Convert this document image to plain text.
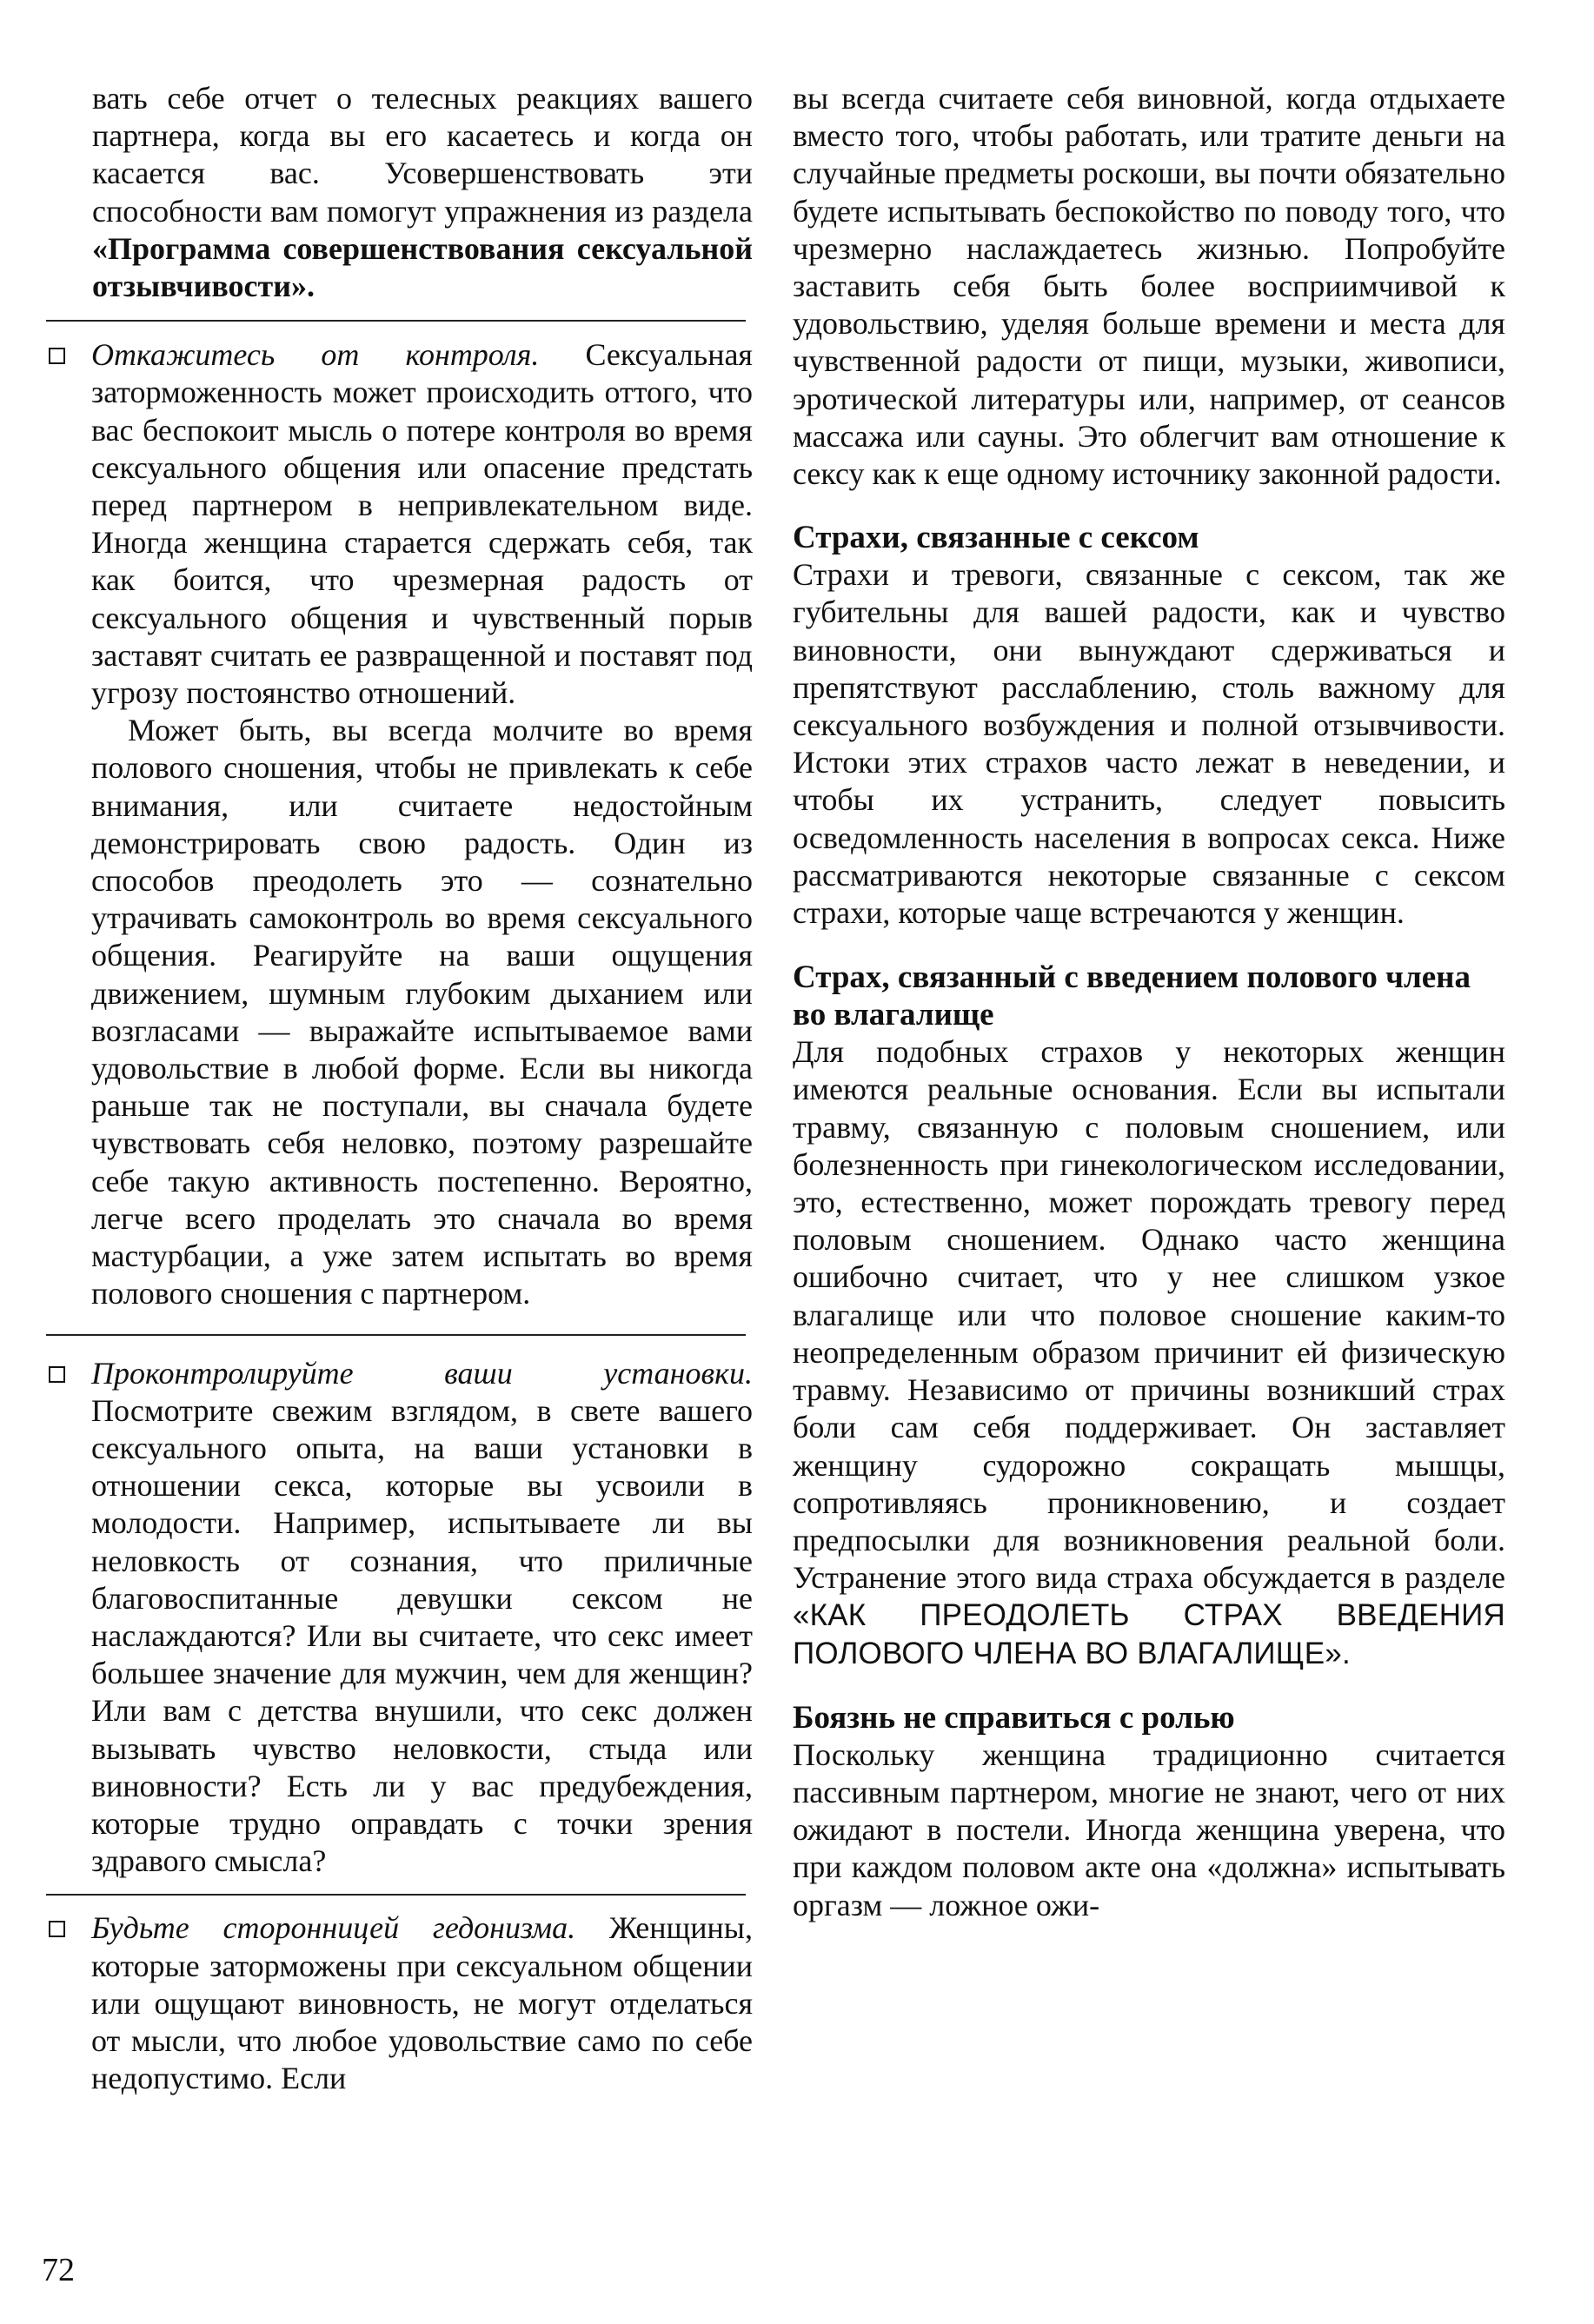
вать себе отчет о телесных реакциях вашего партнера, когда вы его касаетесь и когда он касается вас. Усовершенствовать эти способности вам помогут упражнения из раздела «Программа совершенствования сексуальной отзывчивости».

Откажитесь от контроля. Сексуальная заторможенность может происходить оттого, что вас беспокоит мысль о потере контроля во время сексуального общения или опасение предстать перед партнером в непривлекательном виде. Иногда женщина старается сдержать себя, так как боится, что чрезмерная радость от сексуального общения и чувственный порыв заставят считать ее развращенной и поставят под угрозу постоянство отношений.

Может быть, вы всегда молчите во время полового сношения, чтобы не привлекать к себе внимания, или считаете недостойным демонстрировать свою радость. Один из способов преодолеть это — сознательно утрачивать самоконтроль во время сексуального общения. Реагируйте на ваши ощущения движением, шумным глубоким дыханием или возгласами — выражайте испытываемое вами удовольствие в любой форме. Если вы никогда раньше так не поступали, вы сначала будете чувствовать себя неловко, поэтому разрешайте себе такую активность постепенно. Вероятно, легче всего проделать это сначала во время мастурбации, а уже затем испытать во время полового сношения с партнером.

Проконтролируйте ваши установки. Посмотрите свежим взглядом, в свете вашего сексуального опыта, на ваши установки в отношении секса, которые вы усвоили в молодости. Например, испытываете ли вы неловкость от сознания, что приличные благовоспитанные девушки сексом не наслаждаются? Или вы считаете, что секс имеет большее значение для мужчин, чем для женщин? Или вам с детства внушили, что секс должен вызывать чувство неловкости, стыда или виновности? Есть ли у вас предубеждения, которые трудно оправдать с точки зрения здравого смысла?

Будьте сторонницей гедонизма. Женщины, которые заторможены при сексуальном общении или ощущают виновность, не могут отделаться от мысли, что любое удовольствие само по себе недопустимо. Если

вы всегда считаете себя виновной, когда отдыхаете вместо того, чтобы работать, или тратите деньги на случайные предметы роскоши, вы почти обязательно будете испытывать беспокойство по поводу того, что чрезмерно наслаждаетесь жизнью. Попробуйте заставить себя быть более восприимчивой к удовольствию, уделяя больше времени и места для чувственной радости от пищи, музыки, живописи, эротической литературы или, например, от сеансов массажа или сауны. Это облегчит вам отношение к сексу как к еще одному источнику законной радости.

Страхи, связанные с сексом

Страхи и тревоги, связанные с сексом, так же губительны для вашей радости, как и чувство виновности, они вынуждают сдерживаться и препятствуют расслаблению, столь важному для сексуального возбуждения и полной отзывчивости. Истоки этих страхов часто лежат в неведении, и чтобы их устранить, следует повысить осведомленность населения в вопросах секса. Ниже рассматриваются некоторые связанные с сексом страхи, которые чаще встречаются у женщин.

Страх, связанный с введением полового члена во влагалище

Для подобных страхов у некоторых женщин имеются реальные основания. Если вы испытали травму, связанную с половым сношением, или болезненность при гинекологическом исследовании, это, естественно, может порождать тревогу перед половым сношением. Однако часто женщина ошибочно считает, что у нее слишком узкое влагалище или что половое сношение каким-то неопределенным образом причинит ей физическую травму. Независимо от причины возникший страх боли сам себя поддерживает. Он заставляет женщину судорожно сокращать мышцы, сопротивляясь проникновению, и создает предпосылки для возникновения реальной боли. Устранение этого вида страха обсуждается в разделе «КАК ПРЕОДОЛЕТЬ СТРАХ ВВЕДЕНИЯ ПОЛОВОГО ЧЛЕНА ВО ВЛАГАЛИЩЕ».

Боязнь не справиться с ролью

Поскольку женщина традиционно считается пассивным партнером, многие не знают, чего от них ожидают в постели. Иногда женщина уверена, что при каждом половом акте она «должна» испытывать оргазм — ложное ожи-

72
